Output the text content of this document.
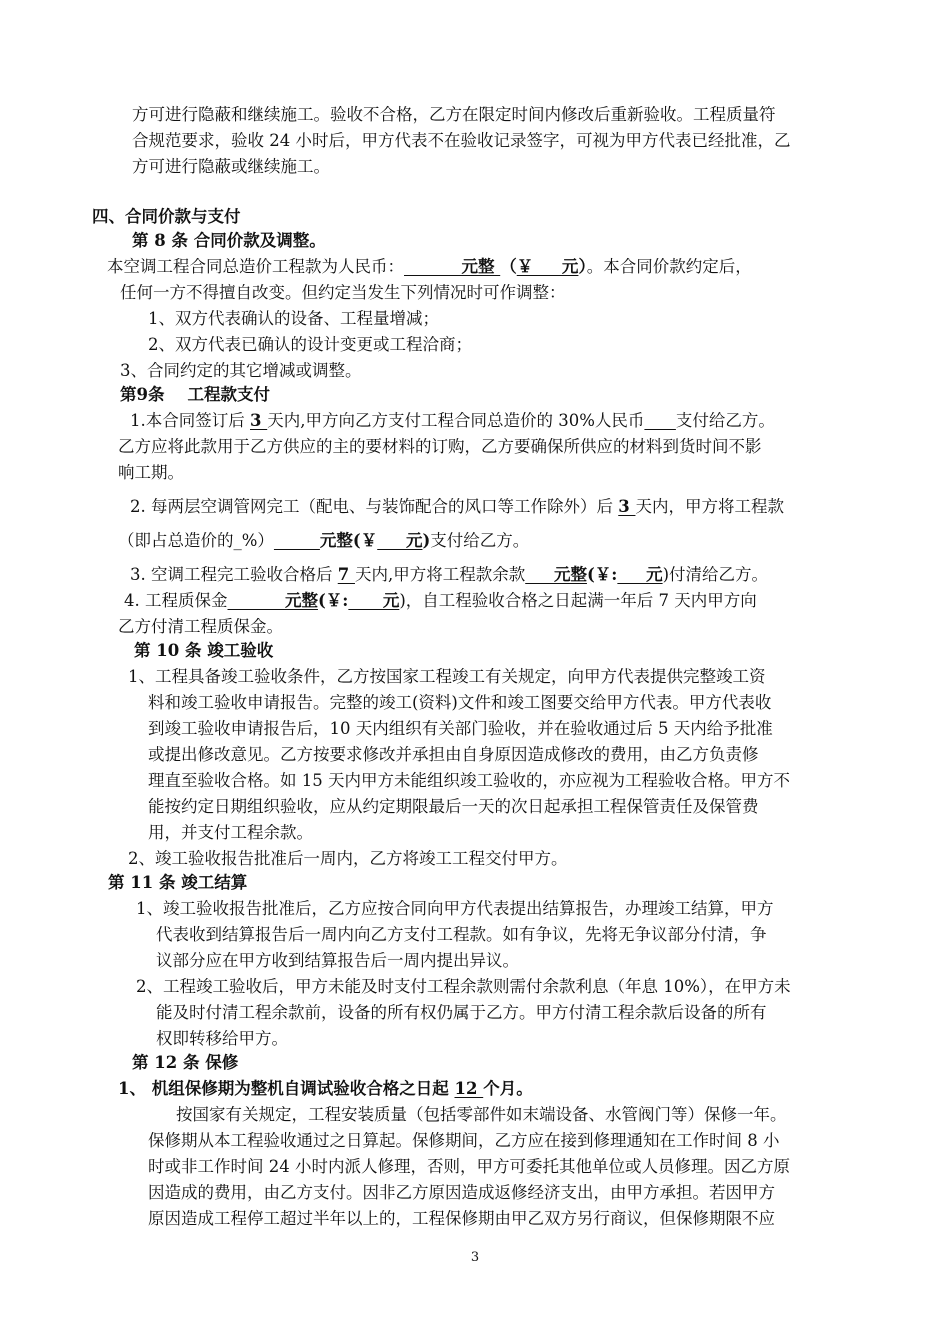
方可进行隐蔽和继续施工。验收不合格，乙方在限定时间内修改后重新验收。工程质量符
合规范要求，验收 24 小时后，甲方代表不在验收记录签字，可视为甲方代表已经批准，乙
方可进行隐蔽或继续施工。
四、合同价款与支付
第 8 条 合同价款及调整。
本空调工程合同总造价工程款为人民币：          元整 （￥     元）。本合同价款约定后，
任何一方不得擅自改变。但约定当发生下列情况时可作调整：
1、双方代表确认的设备、工程量增减；
2、双方代表已确认的设计变更或工程洽商；
3、合同约定的其它增减或调整。
第9条    工程款支付
1.本合同签订后 3 天内,甲方向乙方支付工程合同总造价的 30%人民币 支付给乙方。
乙方应将此款用于乙方供应的主的要材料的订购，乙方要确保所供应的材料到货时间不影
响工期。
2. 每两层空调管网完工（配电、与装饰配合的风口等工作除外）后 3 天内，甲方将工程款
（即占总造价的_%）	元整(￥     元)支付给乙方。
3. 空调工程完工验收合格后 7 天内,甲方将工程款余款     元整(￥:     元)付清给乙方。
4. 工程质保金          元整(￥:      元)，自工程验收合格之日起满一年后 7 天内甲方向
乙方付清工程质保金。
第 10 条 竣工验收
1、工程具备竣工验收条件，乙方按国家工程竣工有关规定，向甲方代表提供完整竣工资
料和竣工验收申请报告。完整的竣工(资料)文件和竣工图要交给甲方代表。甲方代表收
到竣工验收申请报告后，10 天内组织有关部门验收，并在验收通过后 5 天内给予批准
或提出修改意见。乙方按要求修改并承担由自身原因造成修改的费用，由乙方负责修
理直至验收合格。如 15 天内甲方未能组织竣工验收的，亦应视为工程验收合格。甲方不
能按约定日期组织验收，应从约定期限最后一天的次日起承担工程保管责任及保管费
用，并支付工程余款。
2、竣工验收报告批准后一周内，乙方将竣工工程交付甲方。
第 11 条 竣工结算
1、竣工验收报告批准后，乙方应按合同向甲方代表提出结算报告，办理竣工结算，甲方
代表收到结算报告后一周内向乙方支付工程款。如有争议，先将无争议部分付清，争
议部分应在甲方收到结算报告后一周内提出异议。
2、工程竣工验收后，甲方未能及时支付工程余款则需付余款利息（年息 10%），在甲方未
能及时付清工程余款前，设备的所有权仍属于乙方。甲方付清工程余款后设备的所有
权即转移给甲方。
第 12 条 保修
1、 机组保修期为整机自调试验收合格之日起 12 个月。
按国家有关规定，工程安装质量（包括零部件如末端设备、水管阀门等）保修一年。
保修期从本工程验收通过之日算起。保修期间，乙方应在接到修理通知在工作时间 8 小
时或非工作时间 24 小时内派人修理，否则，甲方可委托其他单位或人员修理。因乙方原
因造成的费用，由乙方支付。因非乙方原因造成返修经济支出，由甲方承担。若因甲方
原因造成工程停工超过半年以上的，工程保修期由甲乙双方另行商议，但保修期限不应
3
